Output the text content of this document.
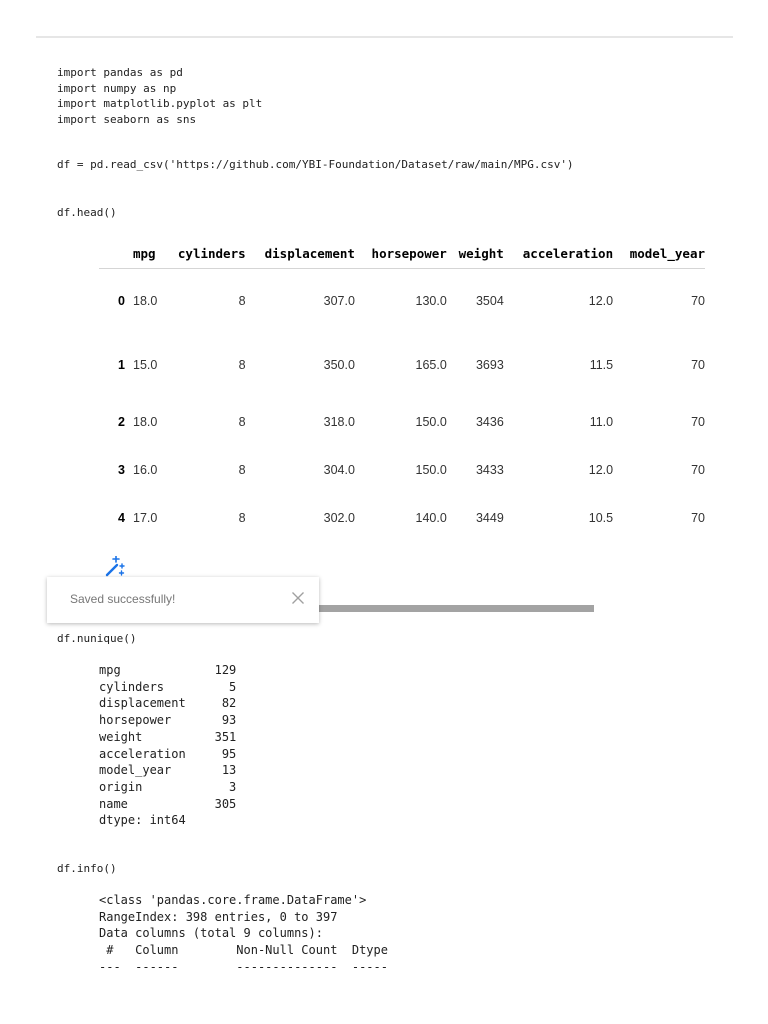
import pandas as pd
import numpy as np
import matplotlib.pyplot as plt
import seaborn as sns
df = pd.read_csv('https://github.com/YBI-Foundation/Dataset/raw/main/MPG.csv')
df.head()
	mpg	cylinders	displacement	horsepower	weight	acceleration	model_year
0	18.0	8	307.0	130.0	3504	12.0	70
1	15.0	8	350.0	165.0	3693	11.5	70
2	18.0	8	318.0	150.0	3436	11.0	70
3	16.0	8	304.0	150.0	3433	12.0	70
4	17.0	8	302.0	140.0	3449	10.5	70
Saved successfully!
df.nunique()
mpg             129
cylinders         5
displacement     82
horsepower       93
weight          351
acceleration     95
model_year       13
origin            3
name            305
dtype: int64
df.info()
<class 'pandas.core.frame.DataFrame'>
RangeIndex: 398 entries, 0 to 397
Data columns (total 9 columns):
#   Column        Non-Null Count  Dtype
---  ------        --------------  -----
